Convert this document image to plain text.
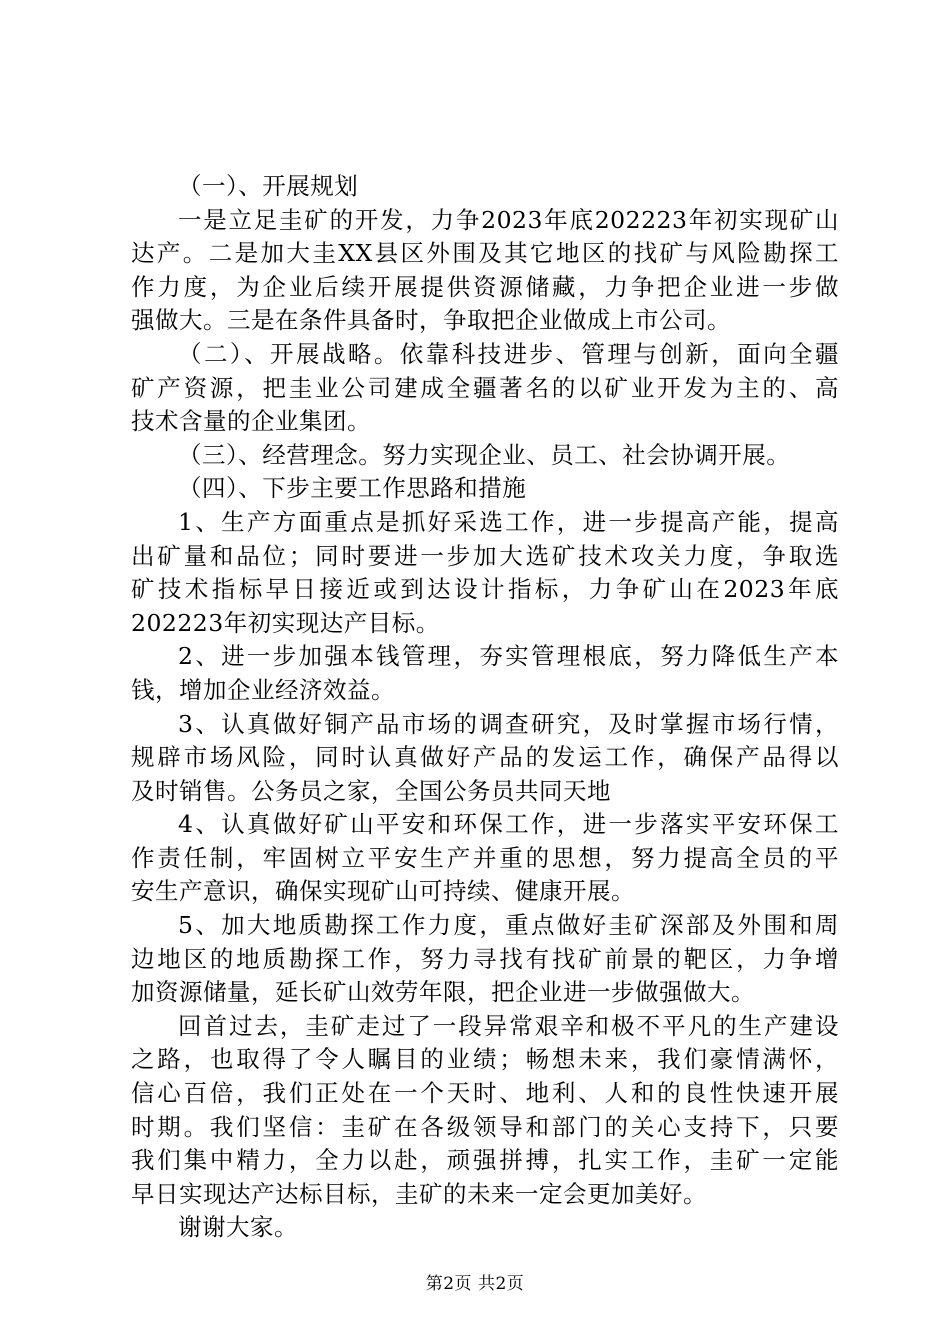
（一）、开展规划
一是立足圭矿的开发，力争2023年底202223年初实现矿山
达产。二是加大圭XX县区外围及其它地区的找矿与风险勘探工
作力度，为企业后续开展提供资源储藏，力争把企业进一步做
强做大。三是在条件具备时，争取把企业做成上市公司。
（二）、开展战略。依靠科技进步、管理与创新，面向全疆
矿产资源，把圭业公司建成全疆著名的以矿业开发为主的、高
技术含量的企业集团。
（三）、经营理念。努力实现企业、员工、社会协调开展。
（四）、下步主要工作思路和措施
1、生产方面重点是抓好采选工作，进一步提高产能，提高
出矿量和品位；同时要进一步加大选矿技术攻关力度，争取选
矿技术指标早日接近或到达设计指标，力争矿山在2023年底
202223年初实现达产目标。
2、进一步加强本钱管理，夯实管理根底，努力降低生产本
钱，增加企业经济效益。
3、认真做好铜产品市场的调查研究，及时掌握市场行情，
规辟市场风险，同时认真做好产品的发运工作，确保产品得以
及时销售。公务员之家，全国公务员共同天地
4、认真做好矿山平安和环保工作，进一步落实平安环保工
作责任制，牢固树立平安生产并重的思想，努力提高全员的平
安生产意识，确保实现矿山可持续、健康开展。
5、加大地质勘探工作力度，重点做好圭矿深部及外围和周
边地区的地质勘探工作，努力寻找有找矿前景的靶区，力争增
加资源储量，延长矿山效劳年限，把企业进一步做强做大。
回首过去，圭矿走过了一段异常艰辛和极不平凡的生产建设
之路，也取得了令人瞩目的业绩；畅想未来，我们豪情满怀，
信心百倍，我们正处在一个天时、地利、人和的良性快速开展
时期。我们坚信：圭矿在各级领导和部门的关心支持下，只要
我们集中精力，全力以赴，顽强拼搏，扎实工作，圭矿一定能
早日实现达产达标目标，圭矿的未来一定会更加美好。
谢谢大家。
第2页 共2页
